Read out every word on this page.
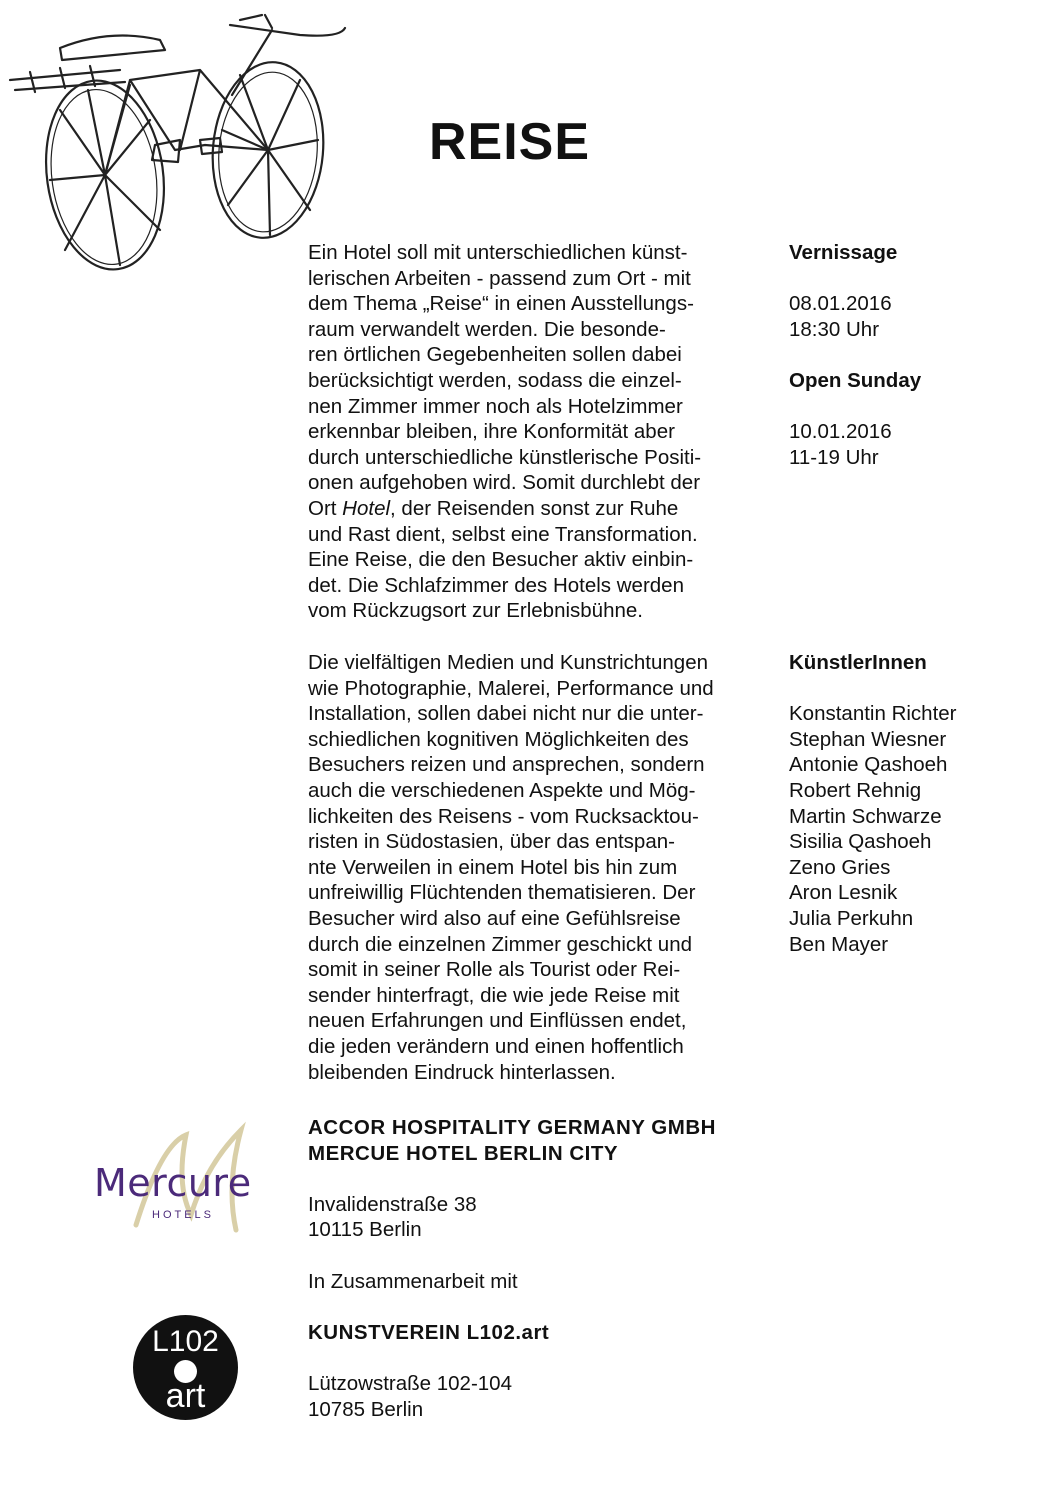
REISE
Ein Hotel soll mit unterschiedlichen künst-
lerischen Arbeiten - passend zum Ort - mit
dem Thema „Reise“ in einen Ausstellungs-
raum verwandelt werden. Die besonde-
ren örtlichen Gegebenheiten sollen dabei
berücksichtigt werden, sodass die einzel-
nen Zimmer immer noch als Hotelzimmer
erkennbar bleiben, ihre Konformität aber
durch unterschiedliche künstlerische Positi-
onen aufgehoben wird. Somit durchlebt der
Ort Hotel, der Reisenden sonst zur Ruhe
und Rast dient, selbst eine Transformation.
Eine Reise, die den Besucher aktiv einbin-
det. Die Schlafzimmer des Hotels werden
vom Rückzugsort zur Erlebnisbühne.
Die vielfältigen Medien und Kunstrichtungen
wie Photographie, Malerei, Performance und
Installation, sollen dabei nicht nur die unter-
schiedlichen kognitiven Möglichkeiten des
Besuchers reizen und ansprechen, sondern
auch die verschiedenen Aspekte und Mög-
lichkeiten des Reisens - vom Rucksacktou-
risten in Südostasien, über das entspan-
nte Verweilen in einem Hotel bis hin zum
unfreiwillig Flüchtenden thematisieren. Der
Besucher wird also auf eine Gefühlsreise
durch die einzelnen Zimmer geschickt und
somit in seiner Rolle als Tourist oder Rei-
sender hinterfragt, die wie jede Reise mit
neuen Erfahrungen und Einflüssen endet,
die jeden verändern und einen hoffentlich
bleibenden Eindruck hinterlassen.
Vernissage
08.01.2016
18:30 Uhr
Open Sunday
10.01.2016
11-19 Uhr
KünstlerInnen
Konstantin Richter
Stephan Wiesner
Antonie Qashoeh
Robert Rehnig
Martin Schwarze
Sisilia Qashoeh
Zeno Gries
Aron Lesnik
Julia Perkuhn
Ben Mayer
Mercure
HOTELS
L102
art
ACCOR HOSPITALITY GERMANY GMBH
MERCUE HOTEL BERLIN CITY
Invalidenstraße 38
10115 Berlin
In Zusammenarbeit mit
KUNSTVEREIN L102.art
Lützowstraße 102-104
10785 Berlin
